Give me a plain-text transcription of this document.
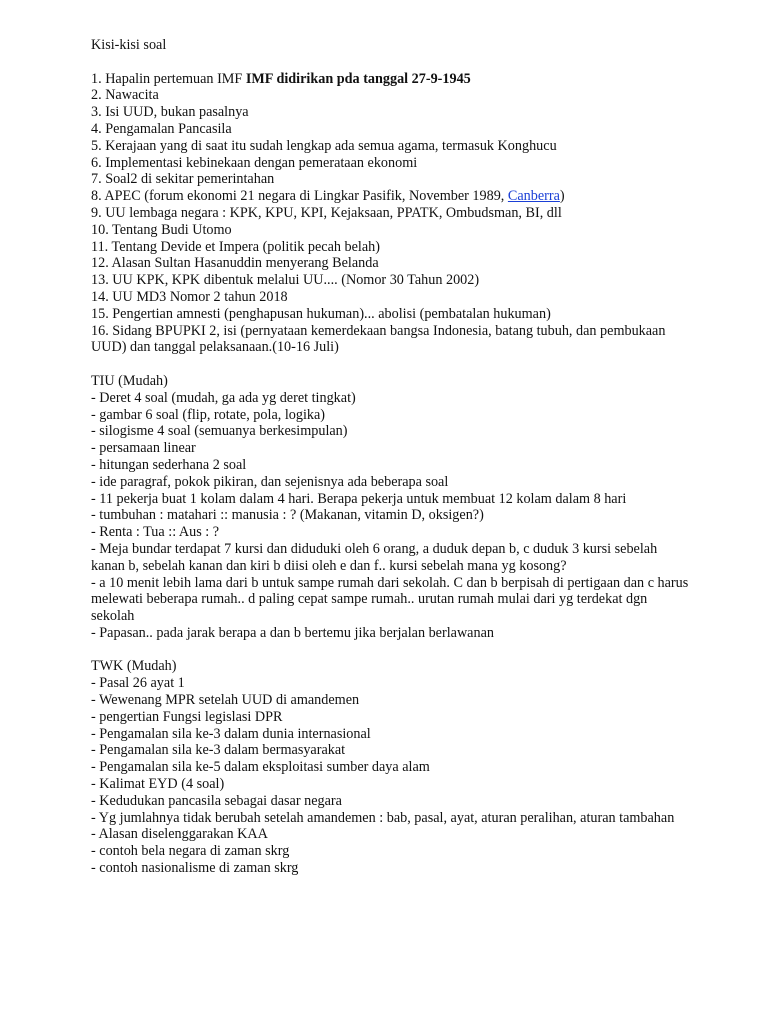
Kisi-kisi soal
1. Hapalin pertemuan IMF IMF didirikan pda tanggal 27-9-1945
2. Nawacita
3. Isi UUD, bukan pasalnya
4. Pengamalan Pancasila
5. Kerajaan yang di saat itu sudah lengkap ada semua agama, termasuk Konghucu
6. Implementasi kebinekaan dengan pemerataan ekonomi
7. Soal2 di sekitar pemerintahan
8. APEC (forum ekonomi 21 negara di Lingkar Pasifik, November 1989, Canberra)
9. UU lembaga negara : KPK, KPU, KPI, Kejaksaan, PPATK, Ombudsman, BI, dll
10. Tentang Budi Utomo
11. Tentang Devide et Impera (politik pecah belah)
12. Alasan Sultan Hasanuddin menyerang Belanda
13. UU KPK, KPK dibentuk melalui UU.... (Nomor 30 Tahun 2002)
14. UU MD3 Nomor 2 tahun 2018
15. Pengertian amnesti (penghapusan hukuman)... abolisi (pembatalan hukuman)
16. Sidang BPUPKI 2, isi (pernyataan kemerdekaan bangsa Indonesia, batang tubuh, dan pembukaan UUD) dan tanggal pelaksanaan.(10-16 Juli)
TIU (Mudah)
- Deret 4 soal (mudah, ga ada yg deret tingkat)
- gambar 6 soal (flip, rotate, pola, logika)
- silogisme 4 soal (semuanya berkesimpulan)
- persamaan linear
- hitungan sederhana 2 soal
- ide paragraf, pokok pikiran, dan sejenisnya ada beberapa soal
- 11 pekerja buat 1 kolam dalam 4 hari. Berapa pekerja untuk membuat 12 kolam dalam 8 hari
- tumbuhan : matahari :: manusia : ? (Makanan, vitamin D, oksigen?)
- Renta : Tua :: Aus : ?
- Meja bundar terdapat 7 kursi dan diduduki oleh 6 orang, a duduk depan b, c duduk 3 kursi sebelah kanan b, sebelah kanan dan kiri b diisi oleh e dan f.. kursi sebelah mana yg kosong?
- a 10 menit lebih lama dari b untuk sampe rumah dari sekolah. C dan b berpisah di pertigaan dan c harus melewati beberapa rumah.. d paling cepat sampe rumah.. urutan rumah mulai dari yg terdekat dgn sekolah
- Papasan.. pada jarak berapa a dan b bertemu jika berjalan berlawanan
TWK (Mudah)
- Pasal 26 ayat 1
- Wewenang MPR setelah UUD di amandemen
- pengertian Fungsi legislasi DPR
- Pengamalan sila ke-3 dalam dunia internasional
- Pengamalan sila ke-3 dalam bermasyarakat
- Pengamalan sila ke-5 dalam eksploitasi sumber daya alam
- Kalimat EYD (4 soal)
- Kedudukan pancasila sebagai dasar negara
- Yg jumlahnya tidak berubah setelah amandemen : bab, pasal, ayat, aturan peralihan, aturan tambahan
- Alasan diselenggarakan KAA
- contoh bela negara di zaman skrg
- contoh nasionalisme di zaman skrg
